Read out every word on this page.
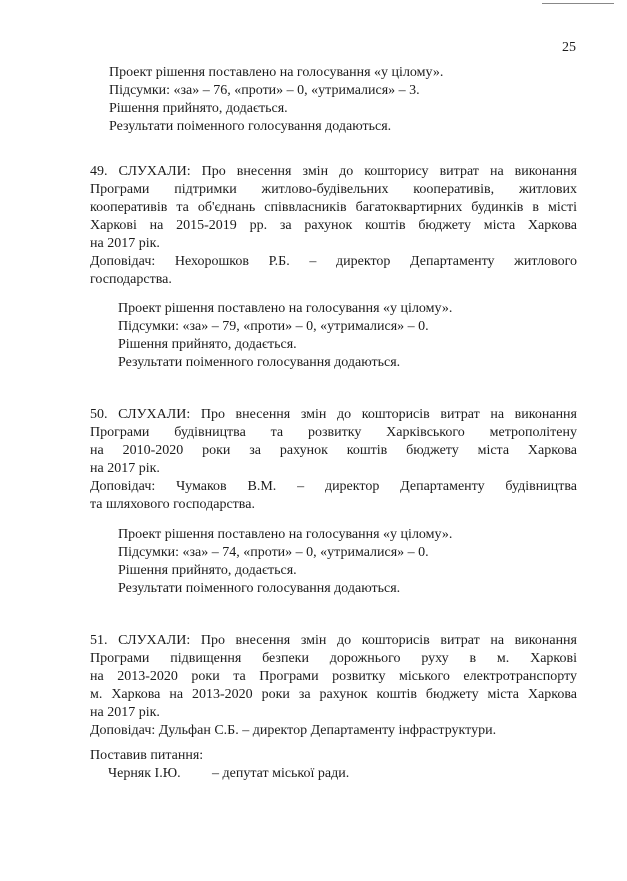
25
Проект рішення поставлено на голосування «у цілому».
Підсумки: «за» – 76, «проти» – 0, «утрималися» – 3.
Рішення прийнято, додається.
Результати поіменного голосування додаються.
49. СЛУХАЛИ: Про внесення змін до кошторису витрат на виконання
Програми підтримки житлово-будівельних кооперативів, житлових
кооперативів та об'єднань співвласників багатоквартирних будинків в місті
Харкові на 2015-2019 рр. за рахунок коштів бюджету міста Харкова
на 2017 рік.
Доповідач: Нехорошков Р.Б. – директор Департаменту житлового
господарства.
Проект рішення поставлено на голосування «у цілому».
Підсумки: «за» – 79, «проти» – 0, «утрималися» – 0.
Рішення прийнято, додається.
Результати поіменного голосування додаються.
50. СЛУХАЛИ: Про внесення змін до кошторисів витрат на виконання
Програми будівництва та розвитку Харківського метрополітену
на 2010-2020 роки за рахунок коштів бюджету міста Харкова
на 2017 рік.
Доповідач: Чумаков В.М. – директор Департаменту будівництва
та шляхового господарства.
Проект рішення поставлено на голосування «у цілому».
Підсумки: «за» – 74, «проти» – 0, «утрималися» – 0.
Рішення прийнято, додається.
Результати поіменного голосування додаються.
51. СЛУХАЛИ: Про внесення змін до кошторисів витрат на виконання
Програми підвищення безпеки дорожнього руху в м. Харкові
на 2013-2020 роки та Програми розвитку міського електротранспорту
м. Харкова на 2013-2020 роки за рахунок коштів бюджету міста Харкова
на 2017 рік.
Доповідач: Дульфан С.Б. – директор Департаменту інфраструктури.
Поставив питання:
Черняк І.Ю. – депутат міської ради.
